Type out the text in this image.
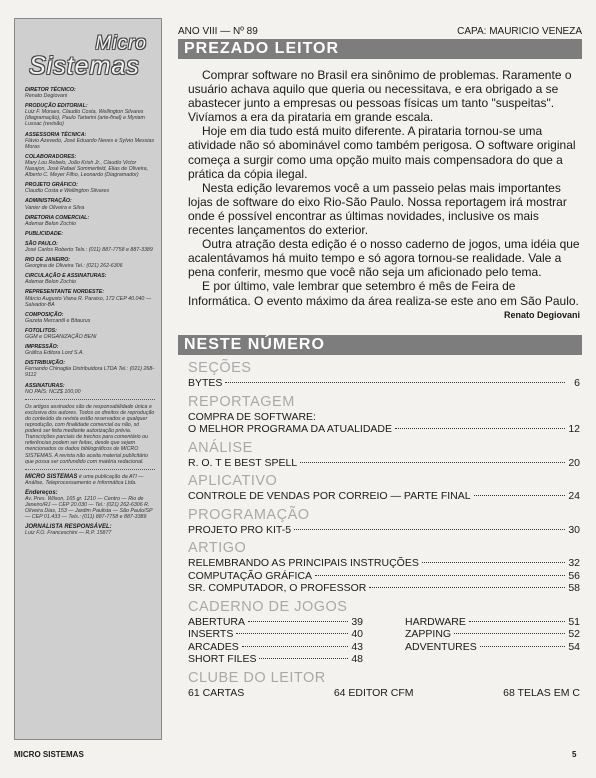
Micro
Sistemas
DIRETOR TÉCNICO:
Renato Degiovani
PRODUÇÃO EDITORIAL:
Luiz F. Moraes, Claudio Costa, Wellington Silvares (diagramação), Paulo Tartarini (arte-final) e Myriam Lussac (revisão)
ASSESSORIA TÉCNICA:
Flávio Azevedo, José Eduardo Neves e Sylvio Messias Moras
COLABORADORES:
Mary Lou Rebelo, João Krish Jr., Claudio Victor Nasajon, José Rafael Sommerfeld, Elias de Oliveira, Alberto C. Meyer Filho, Leonardo (Diagramador)
PROJETO GRÁFICO:
Claudio Costa e Wellington Silvares
ADMINISTRAÇÃO:
Vanier de Oliveira e Silva
DIRETORIA COMERCIAL:
Ademar Belon Zochio
PUBLICIDADE:
SÃO PAULO:
José Carlos Roberto Tels.: (011) 887-7758 e 887-3389
RIO DE JANEIRO:
Georgina de Oliveira Tel.: (021) 262-6306
CIRCULAÇÃO E ASSINATURAS:
Ademar Belon Zochio
REPRESENTANTE NORDESTE:
Márcio Augusto Viana R. Paraiso, 172 CEP 40.040 — Salvador-BA
COMPOSIÇÃO:
Gazeta Mercantil e Bitaurus
FOTOLITOS:
GGM e ORGANIZAÇÃO BENI
IMPRESSÃO:
Gráfica Editora Lord S.A.
DISTRIBUIÇÃO:
Fernando Chinaglia Distribuidora LTDA Tel.: (021) 268-9112
ASSINATURAS:
NO PAÍS: NCZ$ 100,00
Os artigos assinados são de responsabilidade única e exclusiva dos autores. Todos os direitos de reprodução do conteúdo da revista estão reservados e qualquer reprodução, com finalidade comercial ou não, só poderá ser feita mediante autorização prévia. Transcrições parciais de trechos para comentário ou referências podem ser feitas, desde que sejam mencionados os dados bibliográficos de MICRO SISTEMAS. A revista não aceita material publicitário que possa ser confundido com matéria redacional.
MICRO SISTEMAS é uma publicação da ATI — Análise, Teleprocessamento e Informática Ltda.
Endereços:
Av. Pres. Wilson, 165 gr. 1210 — Centro — Rio de Janeiro/RJ — CEP 20.030 — Tel.: (021) 262-6306 R. Oliveira Dias, 153 — Jardim Paulista — São Paulo/SP — CEP 01.433 — Tels.: (011) 887-7758 e 887-3389
JORNALISTA RESPONSÁVEL:
Luiz F.O. Franceschini — R.P. 15877
ANO VIII — Nº 89	CAPA: MAURICIO VENEZA
PREZADO LEITOR

Comprar software no Brasil era sinônimo de problemas. Raramente o usuário achava aquilo que queria ou necessitava, e era obrigado a se abastecer junto a empresas ou pessoas físicas um tanto "suspeitas". Vivíamos a era da pirataria em grande escala.

Hoje em dia tudo está muito diferente. A pirataria tornou-se uma atividade não só abominável como também perigosa. O software original começa a surgir como uma opção muito mais compensadora do que a prática da cópia ilegal.

Nesta edição levaremos você a um passeio pelas mais importantes lojas de software do eixo Rio-São Paulo. Nossa reportagem irá mostrar onde é possível encontrar as últimas novidades, inclusive os mais recentes lançamentos do exterior.

Outra atração desta edição é o nosso caderno de jogos, uma idéia que acalentávamos há muito tempo e só agora tornou-se realidade. Vale a pena conferir, mesmo que você não seja um aficionado pelo tema.

E por último, vale lembrar que setembro é mês de Feira de Informática. O evento máximo da área realiza-se este ano em São Paulo.

Renato Degiovani
NESTE NÚMERO
SEÇÕES
BYTES	6
REPORTAGEM
COMPRA DE SOFTWARE:
O MELHOR PROGRAMA DA ATUALIDADE	12
ANÁLISE
R. O. T E BEST SPELL	20
APLICATIVO
CONTROLE DE VENDAS POR CORREIO — PARTE FINAL	24
PROGRAMAÇÃO
PROJETO PRO KIT-5	30
ARTIGO
RELEMBRANDO AS PRINCIPAIS INSTRUÇÕES	32
COMPUTAÇÃO GRÁFICA	56
SR. COMPUTADOR, O PROFESSOR	58
CADERNO DE JOGOS
ABERTURA	39
INSERTS	40
ARCADES	43
SHORT FILES	48
HARDWARE	51
ZAPPING	52
ADVENTURES	54
CLUBE DO LEITOR
61 CARTAS	64 EDITOR CFM	68 TELAS EM C
MICRO SISTEMAS	5
